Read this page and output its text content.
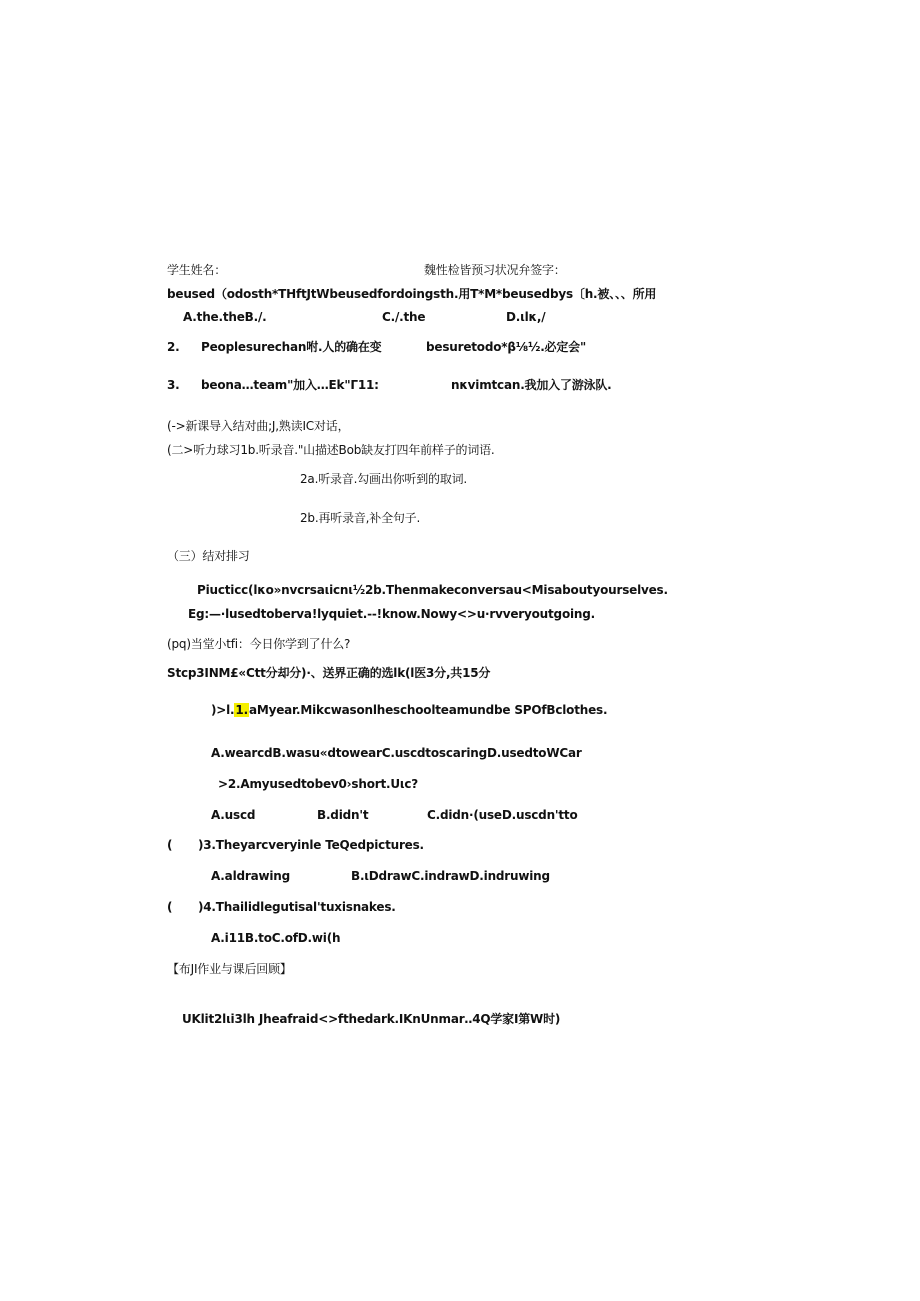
学生姓名：	魏性检皆预习状况弁签字：
beused（odosth*THftJtWbeusedfordoingsth.用T*M*beusedbys〔h.被、、、所用
A.the.theB./.	C./.the	D.ιlκ,/
2. Peoplesurechan咐.人的确在变	besuretodo*β⅛½.必定会"
3. beona…team"加入…Ek"Γ11:	nκvimtcan.我加入了游泳队.
(->新课导入结对曲;J,熟读IC对话，
(二>听力球习1b.听录音."山描述Bob缺友打四年前样子的词语.
2a.听录音.勾画出你听到的取词.
2b.再听录音,补全句子.
（三）结对排习
Piucticc(lκo»nvcrsaιicnι½2b.Thenmakeconversau<Misaboutyourselves.
Eg:—·lusedtoberva!lyquiet.--!know.Nowy<>u·rvveryoutgoing.
(pq)当堂小tfi：今日你学到了什么?
Stcp3INM£«Ctt分却分)·、送界正确的选lk(l医3分,共15分
)>l.1.aMyear.Mikcwasonlheschoolteamundbe SPOfBclothes.
A.wearcdB.wasu«dtowearC.uscdtoscaringD.usedtoWCar
>2.Amyusedtobev0›short.Uιc?
A.uscd	B.didn't	C.didn·(useD.uscdn'tto
( )3.Theyarcveryinle TeQedpictures.
A.aldrawing	B.ιDdrawC.indrawD.indruwing
( )4.Thailidlegutisal'tuxisnakes.
A.i11B.toC.ofD.wi(h
【布JI作业与课后回顾】
UKlit2lιi3lh Jheafraid<>fthedark.IKnUnmar‥4Q学家I第W时)
